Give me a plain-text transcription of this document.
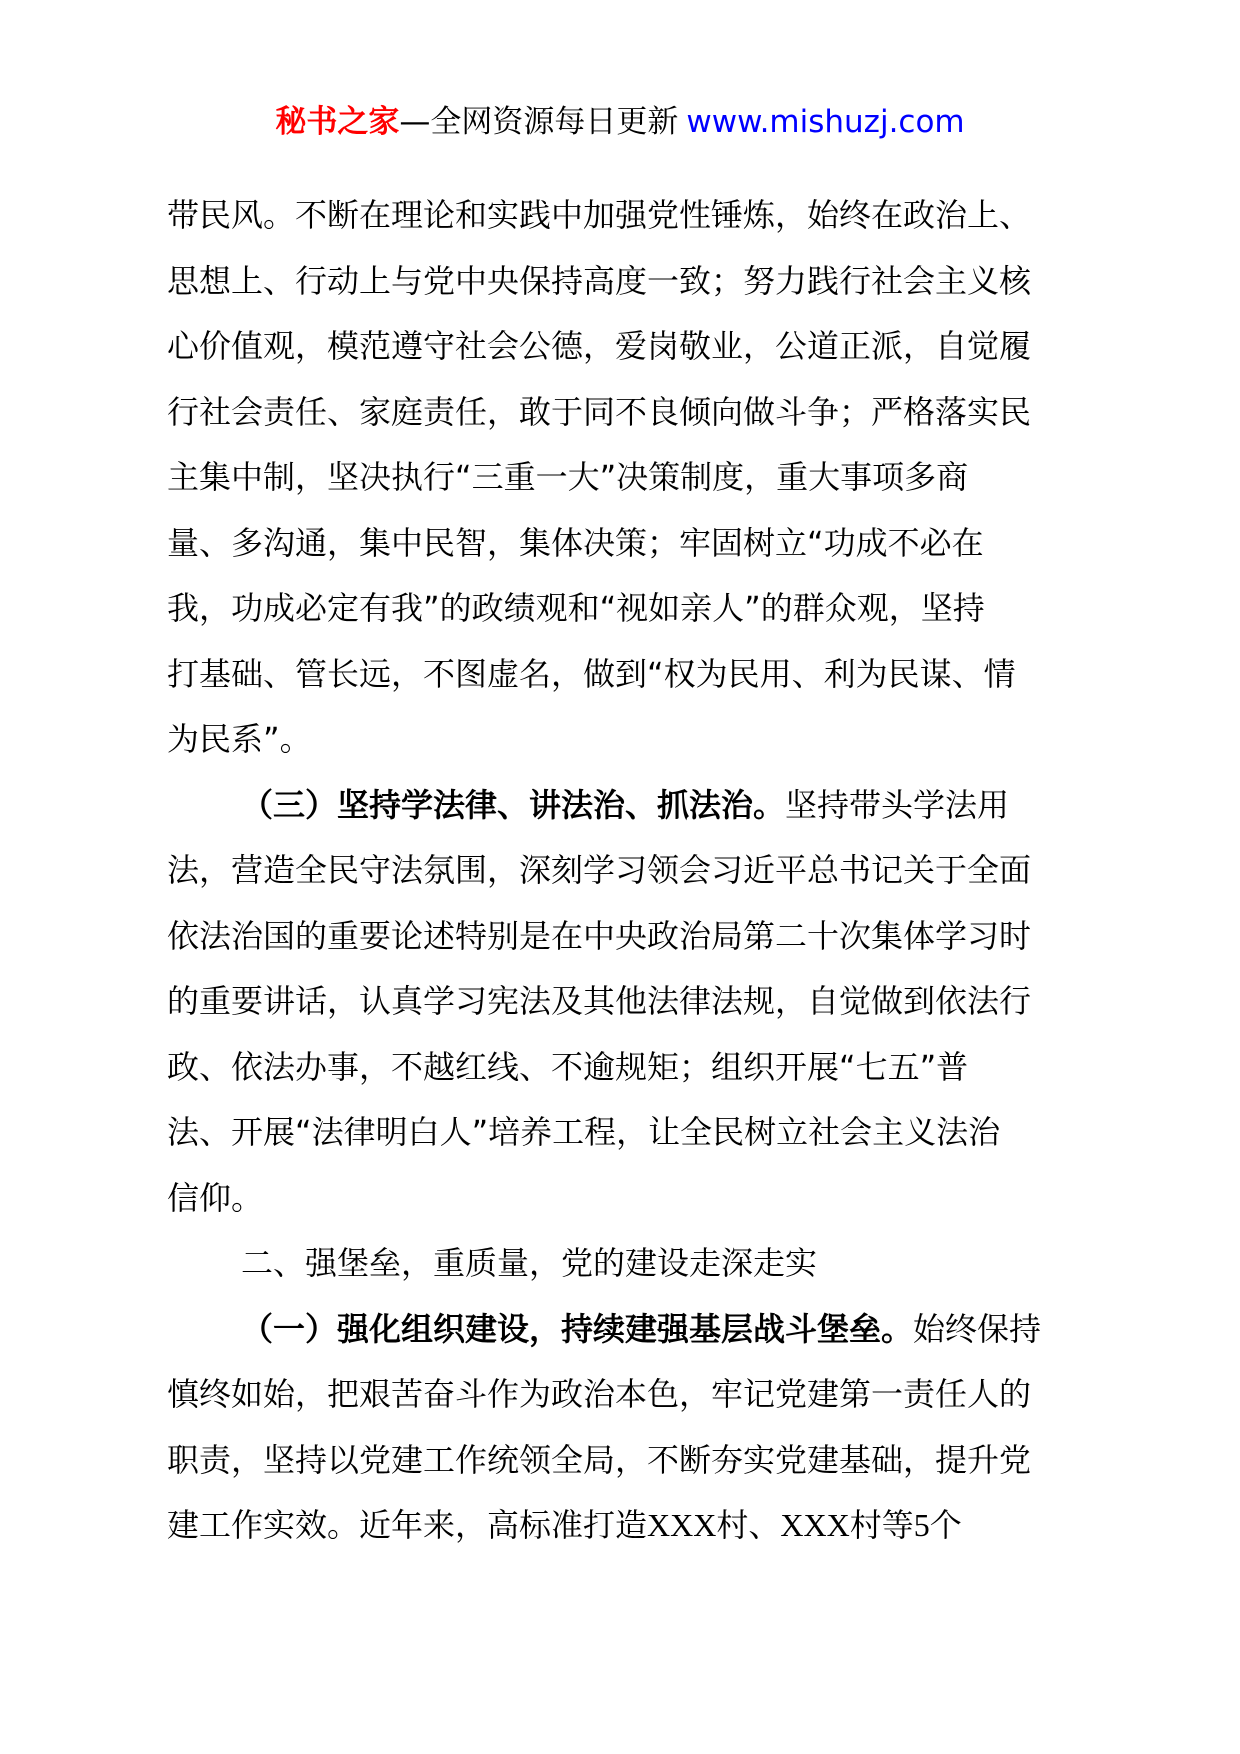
秘书之家—全网资源每日更新 www.mishuzj.com
带民风。不断在理论和实践中加强党性锤炼，始终在政治上、
思想上、行动上与党中央保持高度一致；努力践行社会主义核
心价值观，模范遵守社会公德，爱岗敬业，公道正派，自觉履
行社会责任、家庭责任，敢于同不良倾向做斗争；严格落实民
主集中制，坚决执行“三重一大”决策制度，重大事项多商
量、多沟通，集中民智，集体决策；牢固树立“功成不必在
我，功成必定有我”的政绩观和“视如亲人”的群众观，坚持
打基础、管长远，不图虚名，做到“权为民用、利为民谋、情
为民系”。
（三）坚持学法律、讲法治、抓法治。坚持带头学法用
法，营造全民守法氛围，深刻学习领会习近平总书记关于全面
依法治国的重要论述特别是在中央政治局第二十次集体学习时
的重要讲话，认真学习宪法及其他法律法规，自觉做到依法行
政、依法办事，不越红线、不逾规矩；组织开展“七五”普
法、开展“法律明白人”培养工程，让全民树立社会主义法治
信仰。
二、强堡垒，重质量，党的建设走深走实
（一）强化组织建设，持续建强基层战斗堡垒。始终保持
慎终如始，把艰苦奋斗作为政治本色，牢记党建第一责任人的
职责，坚持以党建工作统领全局，不断夯实党建基础，提升党
建工作实效。近年来，高标准打造XXX村、XXX村等5个
